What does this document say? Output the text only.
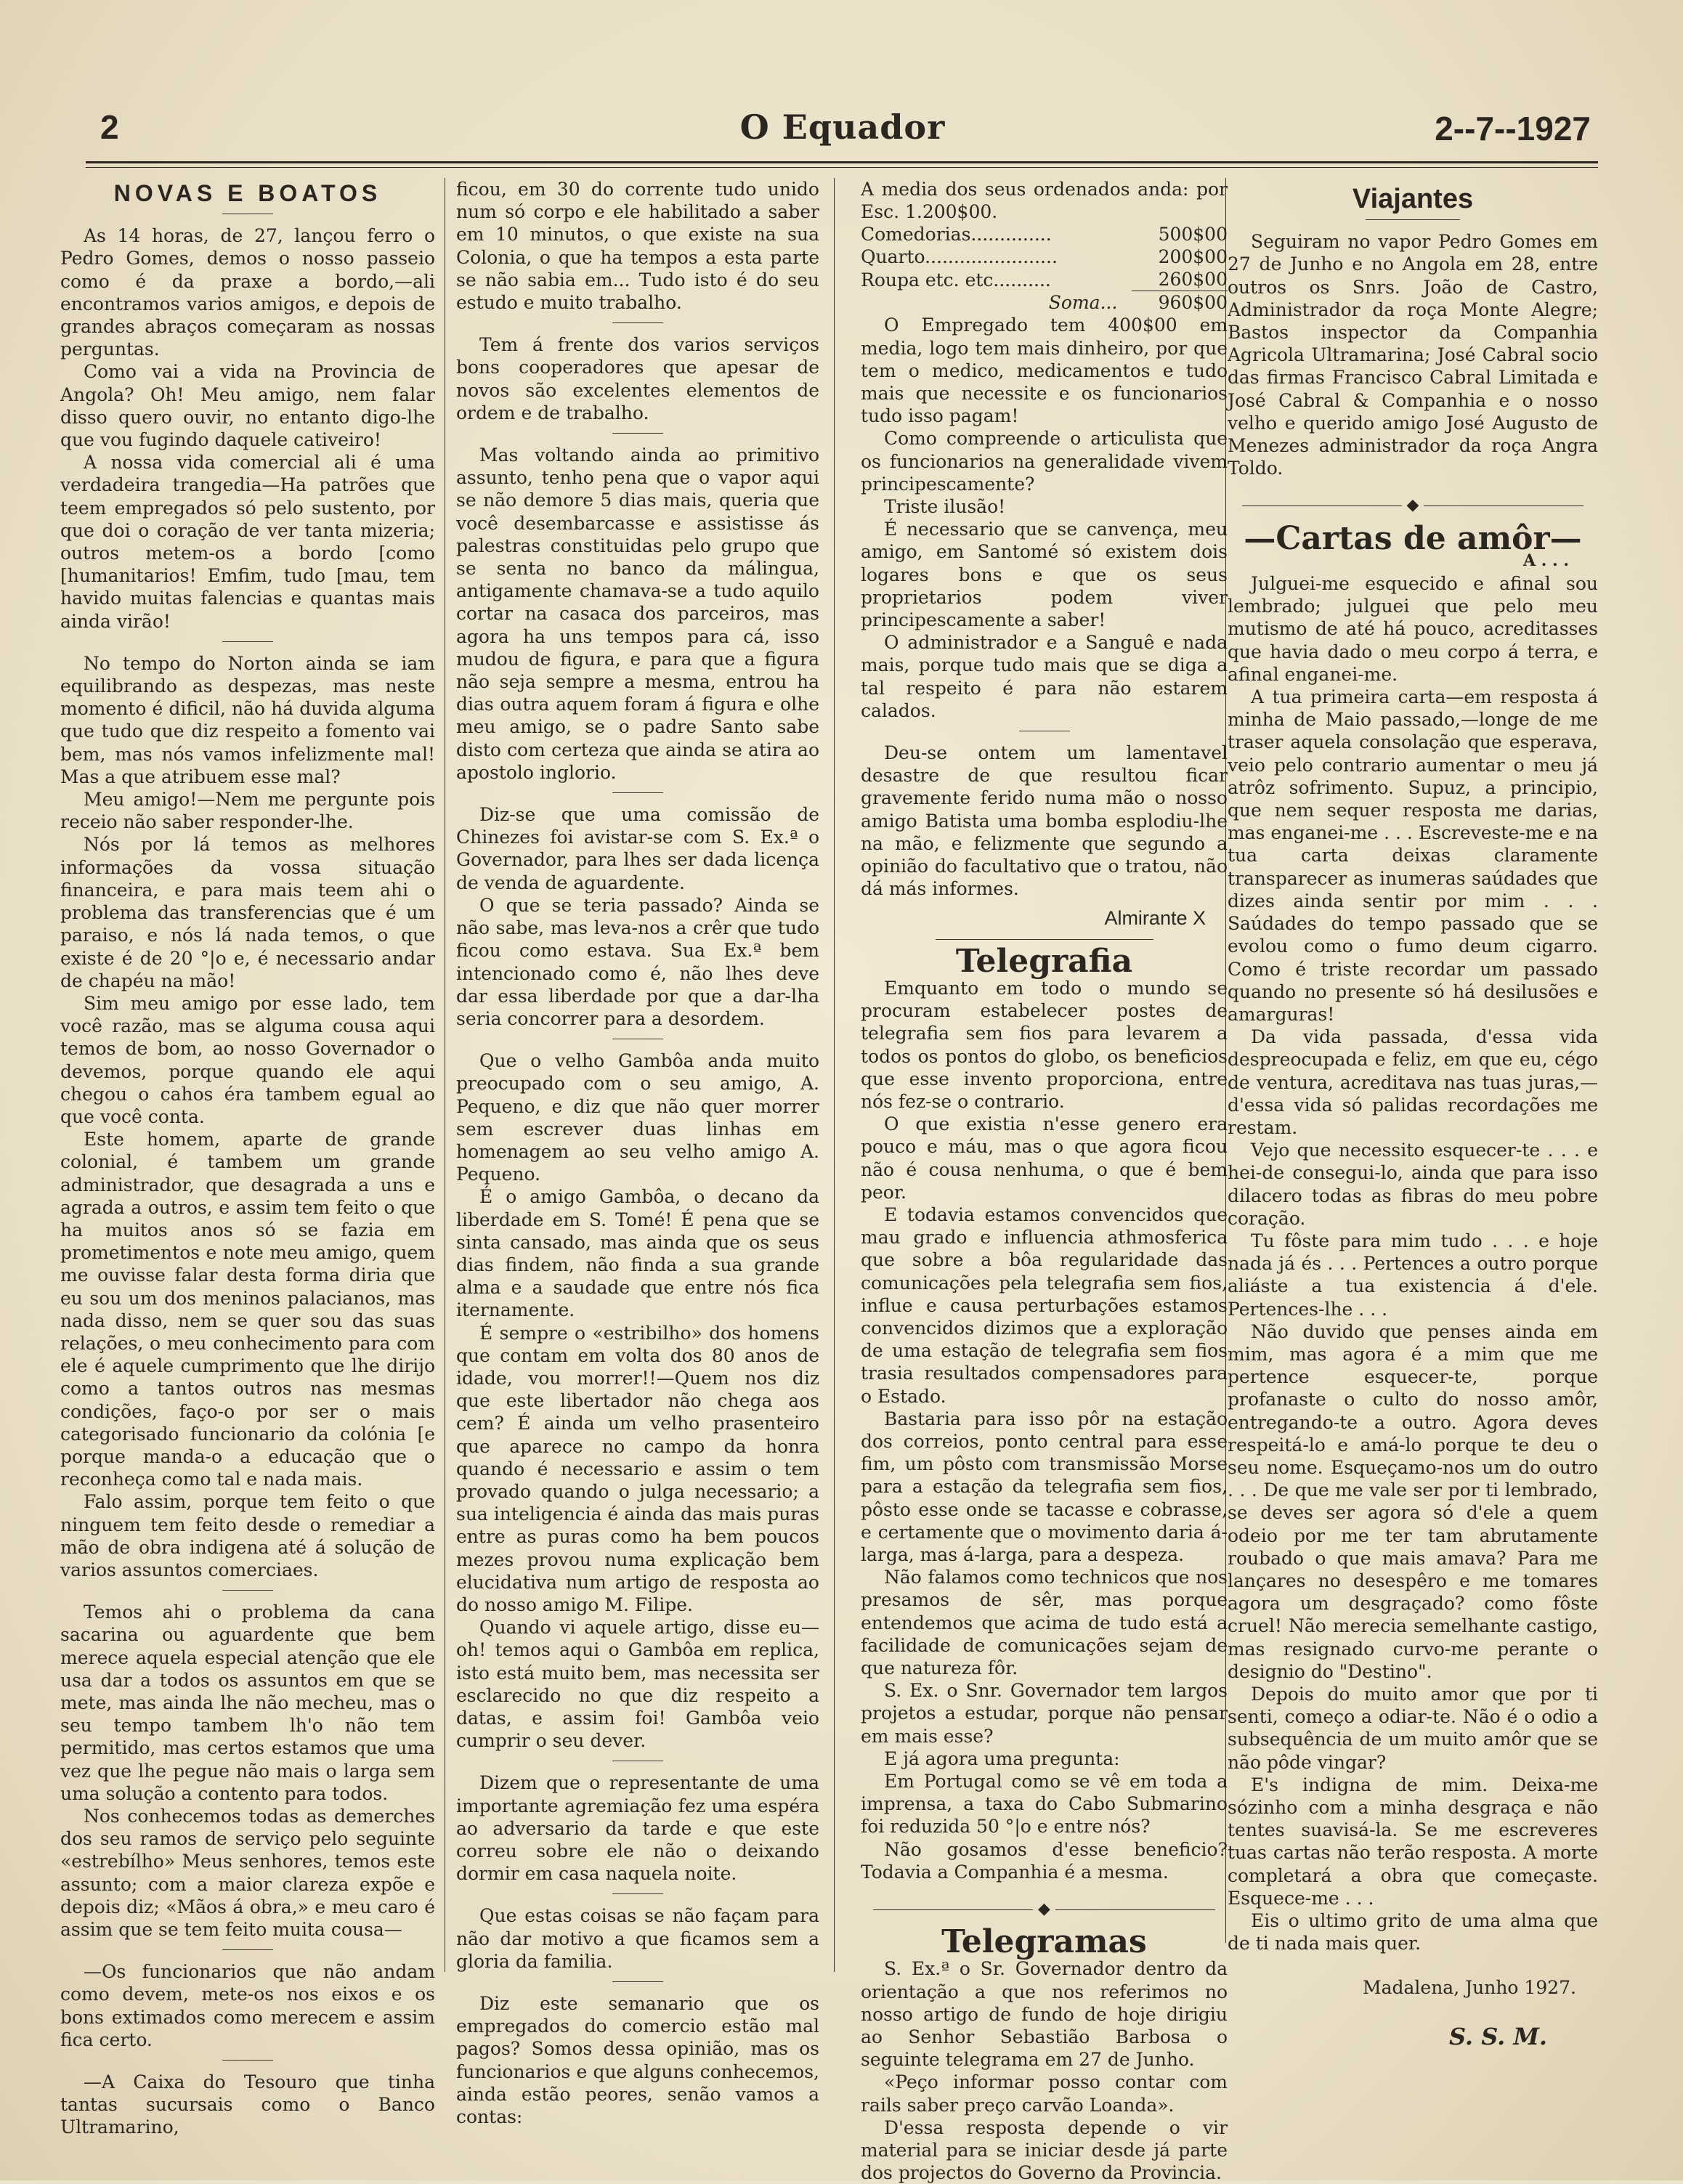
2	O Equador	2--7--1927
NOVAS E BOATOS

As 14 horas, de 27, lançou ferro o Pedro Gomes, demos o nosso passeio como é da praxe a bordo,—ali encontramos varios amigos, e depois de grandes abraços começaram as nossas perguntas.

Como vai a vida na Provincia de Angola? Oh! Meu amigo, nem falar disso quero ouvir, no entanto digo-lhe que vou fugindo daquele cativeiro!

A nossa vida comercial ali é uma verdadeira trangedia—Ha patrões que teem empregados só pelo sustento, por que doi o coração de ver tanta mizeria; outros metem-os a bordo [como [humanitarios! Emfim, tudo [mau, tem havido muitas falencias e quantas mais ainda virão!

No tempo do Norton ainda se iam equilibrando as despezas, mas neste momento é dificil, não há duvida alguma que tudo que diz respeito a fomento vai bem, mas nós vamos infelizmente mal! Mas a que atribuem esse mal?

Meu amigo!—Nem me pergunte pois receio não saber responder-lhe.

Nós por lá temos as melhores informações da vossa situação financeira, e para mais teem ahi o problema das transferencias que é um paraiso, e nós lá nada temos, o que existe é de 20 °|o e, é necessario andar de chapéu na mão!

Sim meu amigo por esse lado, tem você razão, mas se alguma cousa aqui temos de bom, ao nosso Governador o devemos, porque quando ele aqui chegou o cahos éra tambem egual ao que você conta.

Este homem, aparte de grande colonial, é tambem um grande administrador, que desagrada a uns e agrada a outros, e assim tem feito o que ha muitos anos só se fazia em prometimentos e note meu amigo, quem me ouvisse falar desta forma diria que eu sou um dos meninos palacianos, mas nada disso, nem se quer sou das suas relações, o meu conhecimento para com ele é aquele cumprimento que lhe dirijo como a tantos outros nas mesmas condições, faço-o por ser o mais categorisado funcionario da colónia [e porque manda-o a educação que o reconheça como tal e nada mais.

Falo assim, porque tem feito o que ninguem tem feito desde o remediar a mão de obra indigena até á solução de varios assuntos comerciaes.

Temos ahi o problema da cana sacarina ou aguardente que bem merece aquela especial atenção que ele usa dar a todos os assuntos em que se mete, mas ainda lhe não mecheu, mas o seu tempo tambem lh'o não tem permitido, mas certos estamos que uma vez que lhe pegue não mais o larga sem uma solução a contento para todos.

Nos conhecemos todas as demerches dos seu ramos de serviço pelo seguinte «estrebílho» Meus senhores, temos este assunto; com a maior clareza expõe e depois diz; «Mãos á obra,» e meu caro é assim que se tem feito muita cousa—

—Os funcionarios que não andam como devem, mete-os nos eixos e os bons extimados como merecem e assim fica certo.

—A Caixa do Tesouro que tinha tantas sucursais como o Banco Ultramarino,

ficou, em 30 do corrente tudo unido num só corpo e ele habilitado a saber em 10 minutos, o que existe na sua Colonia, o que ha tempos a esta parte se não sabia em... Tudo isto é do seu estudo e muito trabalho.

Tem á frente dos varios serviços bons cooperadores que apesar de novos são excelentes elementos de ordem e de trabalho.

Mas voltando ainda ao primitivo assunto, tenho pena que o vapor aqui se não demore 5 dias mais, queria que você desembarcasse e assistisse ás palestras constituidas pelo grupo que se senta no banco da málingua, antigamente chamava-se a tudo aquilo cortar na casaca dos parceiros, mas agora ha uns tempos para cá, isso mudou de figura, e para que a figura não seja sempre a mesma, entrou ha dias outra aquem foram á figura e olhe meu amigo, se o padre Santo sabe disto com certeza que ainda se atira ao apostolo inglorio.

Diz-se que uma comissão de Chinezes foi avistar-se com S. Ex.ª o Governador, para lhes ser dada licença de venda de aguardente.

O que se teria passado? Ainda se não sabe, mas leva-nos a crêr que tudo ficou como estava. Sua Ex.ª bem intencionado como é, não lhes deve dar essa liberdade por que a dar-lha seria concorrer para a desordem.

Que o velho Gambôa anda muito preocupado com o seu amigo, A. Pequeno, e diz que não quer morrer sem escrever duas linhas em homenagem ao seu velho amigo A. Pequeno.

É o amigo Gambôa, o decano da liberdade em S. Tomé! É pena que se sinta cansado, mas ainda que os seus dias findem, não finda a sua grande alma e a saudade que entre nós fica iternamente.

É sempre o «estribilho» dos homens que contam em volta dos 80 anos de idade, vou morrer!!—Quem nos diz que este libertador não chega aos cem? É ainda um velho prasenteiro que aparece no campo da honra quando é necessario e assim o tem provado quando o julga necessario; a sua inteligencia é ainda das mais puras entre as puras como ha bem poucos mezes provou numa explicação bem elucidativa num artigo de resposta ao do nosso amigo M. Filipe.

Quando vi aquele artigo, disse eu—oh! temos aqui o Gambôa em replica, isto está muito bem, mas necessita ser esclarecido no que diz respeito a datas, e assim foi! Gambôa veio cumprir o seu dever.

Dizem que o representante de uma importante agremiação fez uma espéra ao adversario da tarde e que este correu sobre ele não o deixando dormir em casa naquela noite.

Que estas coisas se não façam para não dar motivo a que ficamos sem a gloria da familia.

Diz este semanario que os empregados do comercio estão mal pagos? Somos dessa opinião, mas os funcionarios e que alguns conhecemos, ainda estão peores, senão vamos a contas:

A media dos seus ordenados anda: por Esc. 1.200$00.

Comedorias..............	500$00
Quarto.......................	200$00
Roupa etc. etc..........	260$00
Soma...	960$00

O Empregado tem 400$00 em media, logo tem mais dinheiro, por que tem o medico, medicamentos e tudo mais que necessite e os funcionarios tudo isso pagam!

Como compreende o articulista que os funcionarios na generalidade vivem principescamente?

Triste ilusão!

É necessario que se canvença, meu amigo, em Santomé só existem dois logares bons e que os seus proprietarios podem viver principescamente a saber!

O administrador e a Sanguê e nada mais, porque tudo mais que se diga a tal respeito é para não estarem calados.

Deu-se ontem um lamentavel desastre de que resultou ficar gravemente ferido numa mão o nosso amigo Batista uma bomba esplodiu-lhe na mão, e felizmente que segundo a opinião do facultativo que o tratou, não dá más informes.

Almirante X
Telegrafia

Emquanto em todo o mundo se procuram estabelecer postes de telegrafia sem fios para levarem a todos os pontos do globo, os beneficios que esse invento proporciona, entre nós fez-se o contrario.

O que existia n'esse genero era pouco e máu, mas o que agora ficou não é cousa nenhuma, o que é bem peor.

E todavia estamos convencidos que mau grado e influencia athmosferica que sobre a bôa regularidade das comunicações pela telegrafia sem fios, influe e causa perturbações estamos convencidos dizimos que a exploração de uma estação de telegrafia sem fios trasia resultados compensadores para o Estado.

Bastaria para isso pôr na estação dos correios, ponto central para esse fim, um pôsto com transmissão Morse para a estação da telegrafia sem fios, pôsto esse onde se tacasse e cobrasse, e certamente que o movimento daria á-larga, mas á-larga, para a despeza.

Não falamos como technicos que nos presamos de sêr, mas porque entendemos que acima de tudo está a facilidade de comunicações sejam de que natureza fôr.

S. Ex. o Snr. Governador tem largos projetos a estudar, porque não pensar em mais esse?

E já agora uma pregunta:

Em Portugal como se vê em toda a imprensa, a taxa do Cabo Submarino foi reduzida 50 °|o e entre nós?

Não gosamos d'esse beneficio? Todavia a Companhia é a mesma.

◆
Telegramas

S. Ex.ª o Sr. Governador dentro da orientação a que nos referimos no nosso artigo de fundo de hoje dirigiu ao Senhor Sebastião Barbosa o seguinte telegrama em 27 de Junho.

«Peço informar posso contar com rails saber preço carvão Loanda».

D'essa resposta depende o vir material para se iniciar desde já parte dos projectos do Governo da Provincia.

Viajantes

Seguiram no vapor Pedro Gomes em 27 de Junho e no Angola em 28, entre outros os Snrs. João de Castro, Administrador da roça Monte Alegre; Bastos inspector da Companhia Agricola Ultramarina; José Cabral socio das firmas Francisco Cabral Limitada e José Cabral & Companhia e o nosso velho e querido amigo José Augusto de Menezes administrador da roça Angra Toldo.

◆
—Cartas de amôr—
A . . .

Julguei-me esquecido e afinal sou lembrado; julguei que pelo meu mutismo de até há pouco, acreditasses que havia dado o meu corpo á terra, e afinal enganei-me.

A tua primeira carta—em resposta á minha de Maio passado,—longe de me traser aquela consolação que esperava, veio pelo contrario aumentar o meu já atrôz sofrimento. Supuz, a principio, que nem sequer resposta me darias, mas enganei-me . . . Escreveste-me e na tua carta deixas claramente transparecer as inumeras saúdades que dizes ainda sentir por mim . . . Saúdades do tempo passado que se evolou como o fumo deum cigarro. Como é triste recordar um passado quando no presente só há desilusões e amarguras!

Da vida passada, d'essa vida despreocupada e feliz, em que eu, cégo de ventura, acreditava nas tuas juras,—d'essa vida só palidas recordações me restam.

Vejo que necessito esquecer-te . . . e hei-de consegui-lo, ainda que para isso dilacero todas as fibras do meu pobre coração.

Tu fôste para mim tudo . . . e hoje nada já és . . . Pertences a outro porque aliáste a tua existencia á d'ele. Pertences-lhe . . .

Não duvido que penses ainda em mim, mas agora é a mim que me pertence esquecer-te, porque profanaste o culto do nosso amôr, entregando-te a outro. Agora deves respeitá-lo e amá-lo porque te deu o seu nome. Esqueçamo-nos um do outro . . . De que me vale ser por ti lembrado, se deves ser agora só d'ele a quem odeio por me ter tam abrutamente roubado o que mais amava? Para me lançares no desespêro e me tomares agora um desgraçado? como fôste cruel! Não merecia semelhante castigo, mas resignado curvo-me perante o designio do "Destino".

Depois do muito amor que por ti senti, começo a odiar-te. Não é o odio a subsequência de um muito amôr que se não pôde vingar?

E's indigna de mim. Deixa-me sózinho com a minha desgraça e não tentes suavisá-la. Se me escreveres tuas cartas não terão resposta. A morte completará a obra que começaste. Esquece-me . . .

Eis o ultimo grito de uma alma que de ti nada mais quer.

Madalena, Junho 1927.
S. S. M.
